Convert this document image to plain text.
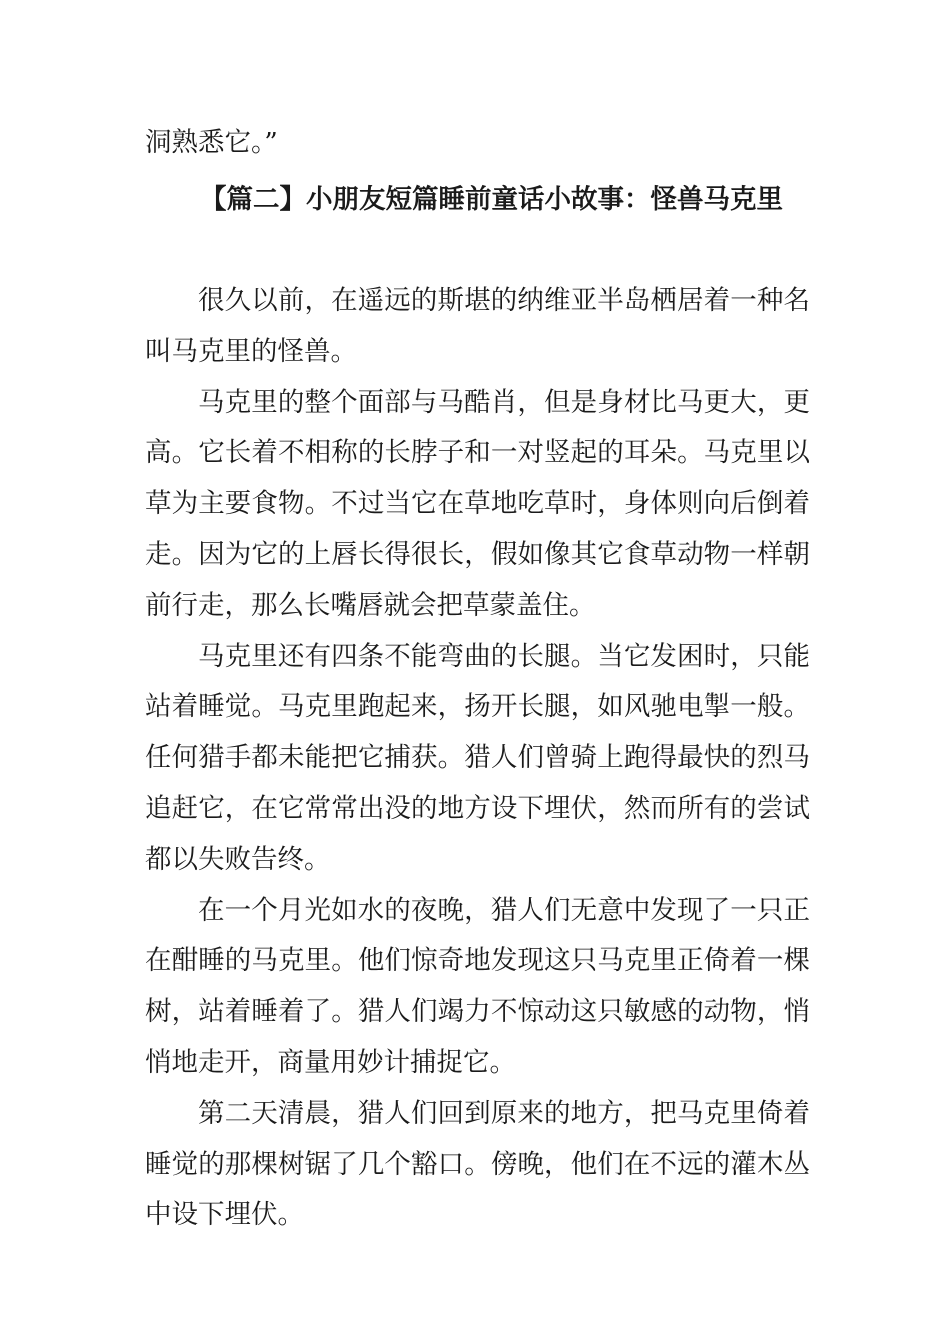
洞熟悉它。”

【篇二】小朋友短篇睡前童话小故事：怪兽马克里

很久以前，在遥远的斯堪的纳维亚半岛栖居着一种名叫马克里的怪兽。

马克里的整个面部与马酷肖，但是身材比马更大，更高。它长着不相称的长脖子和一对竖起的耳朵。马克里以草为主要食物。不过当它在草地吃草时，身体则向后倒着走。因为它的上唇长得很长，假如像其它食草动物一样朝前行走，那么长嘴唇就会把草蒙盖住。

马克里还有四条不能弯曲的长腿。当它发困时，只能站着睡觉。马克里跑起来，扬开长腿，如风驰电掣一般。任何猎手都未能把它捕获。猎人们曾骑上跑得最快的烈马追赶它，在它常常出没的地方设下埋伏，然而所有的尝试都以失败告终。

在一个月光如水的夜晚，猎人们无意中发现了一只正在酣睡的马克里。他们惊奇地发现这只马克里正倚着一棵树，站着睡着了。猎人们竭力不惊动这只敏感的动物，悄悄地走开，商量用妙计捕捉它。

第二天清晨，猎人们回到原来的地方，把马克里倚着睡觉的那棵树锯了几个豁口。傍晚，他们在不远的灌木丛中设下埋伏。
